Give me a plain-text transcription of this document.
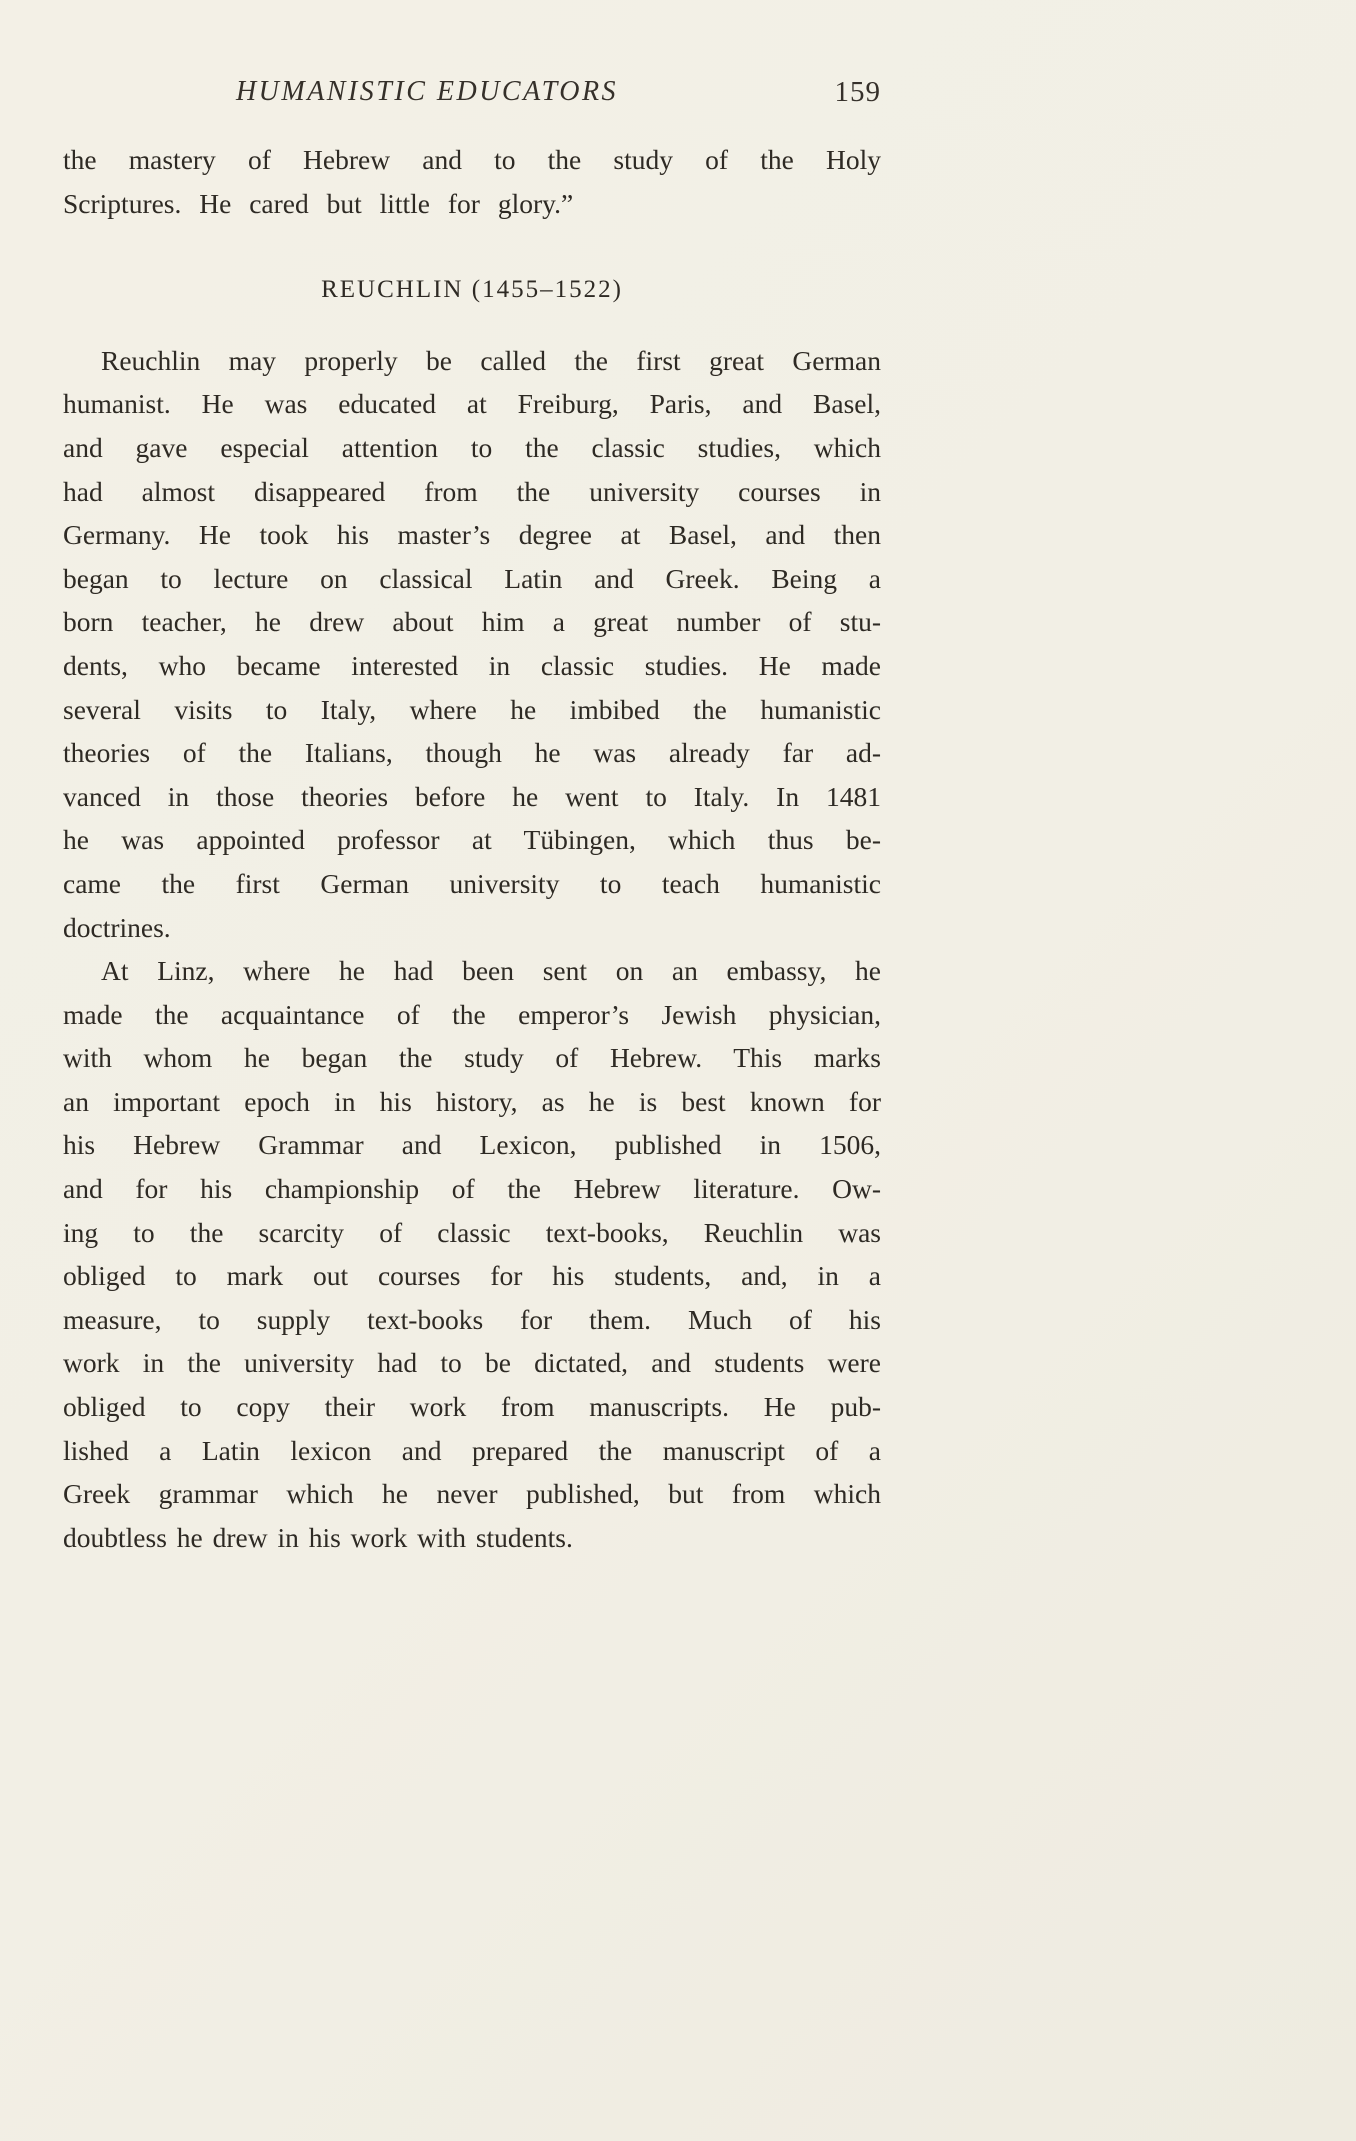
HUMANISTIC EDUCATORS	159
the mastery of Hebrew and to the study of the Holy
Scriptures. He cared but little for glory.”
REUCHLIN (1455–1522)
Reuchlin may properly be called the first great German
humanist. He was educated at Freiburg, Paris, and Basel,
and gave especial attention to the classic studies, which
had almost disappeared from the university courses in
Germany. He took his master’s degree at Basel, and then
began to lecture on classical Latin and Greek. Being a
born teacher, he drew about him a great number of stu-
dents, who became interested in classic studies. He made
several visits to Italy, where he imbibed the humanistic
theories of the Italians, though he was already far ad-
vanced in those theories before he went to Italy. In 1481
he was appointed professor at Tübingen, which thus be-
came the first German university to teach humanistic
doctrines.
At Linz, where he had been sent on an embassy, he
made the acquaintance of the emperor’s Jewish physician,
with whom he began the study of Hebrew. This marks
an important epoch in his history, as he is best known for
his Hebrew Grammar and Lexicon, published in 1506,
and for his championship of the Hebrew literature. Ow-
ing to the scarcity of classic text-books, Reuchlin was
obliged to mark out courses for his students, and, in a
measure, to supply text-books for them. Much of his
work in the university had to be dictated, and students were
obliged to copy their work from manuscripts. He pub-
lished a Latin lexicon and prepared the manuscript of a
Greek grammar which he never published, but from which
doubtless he drew in his work with students.
